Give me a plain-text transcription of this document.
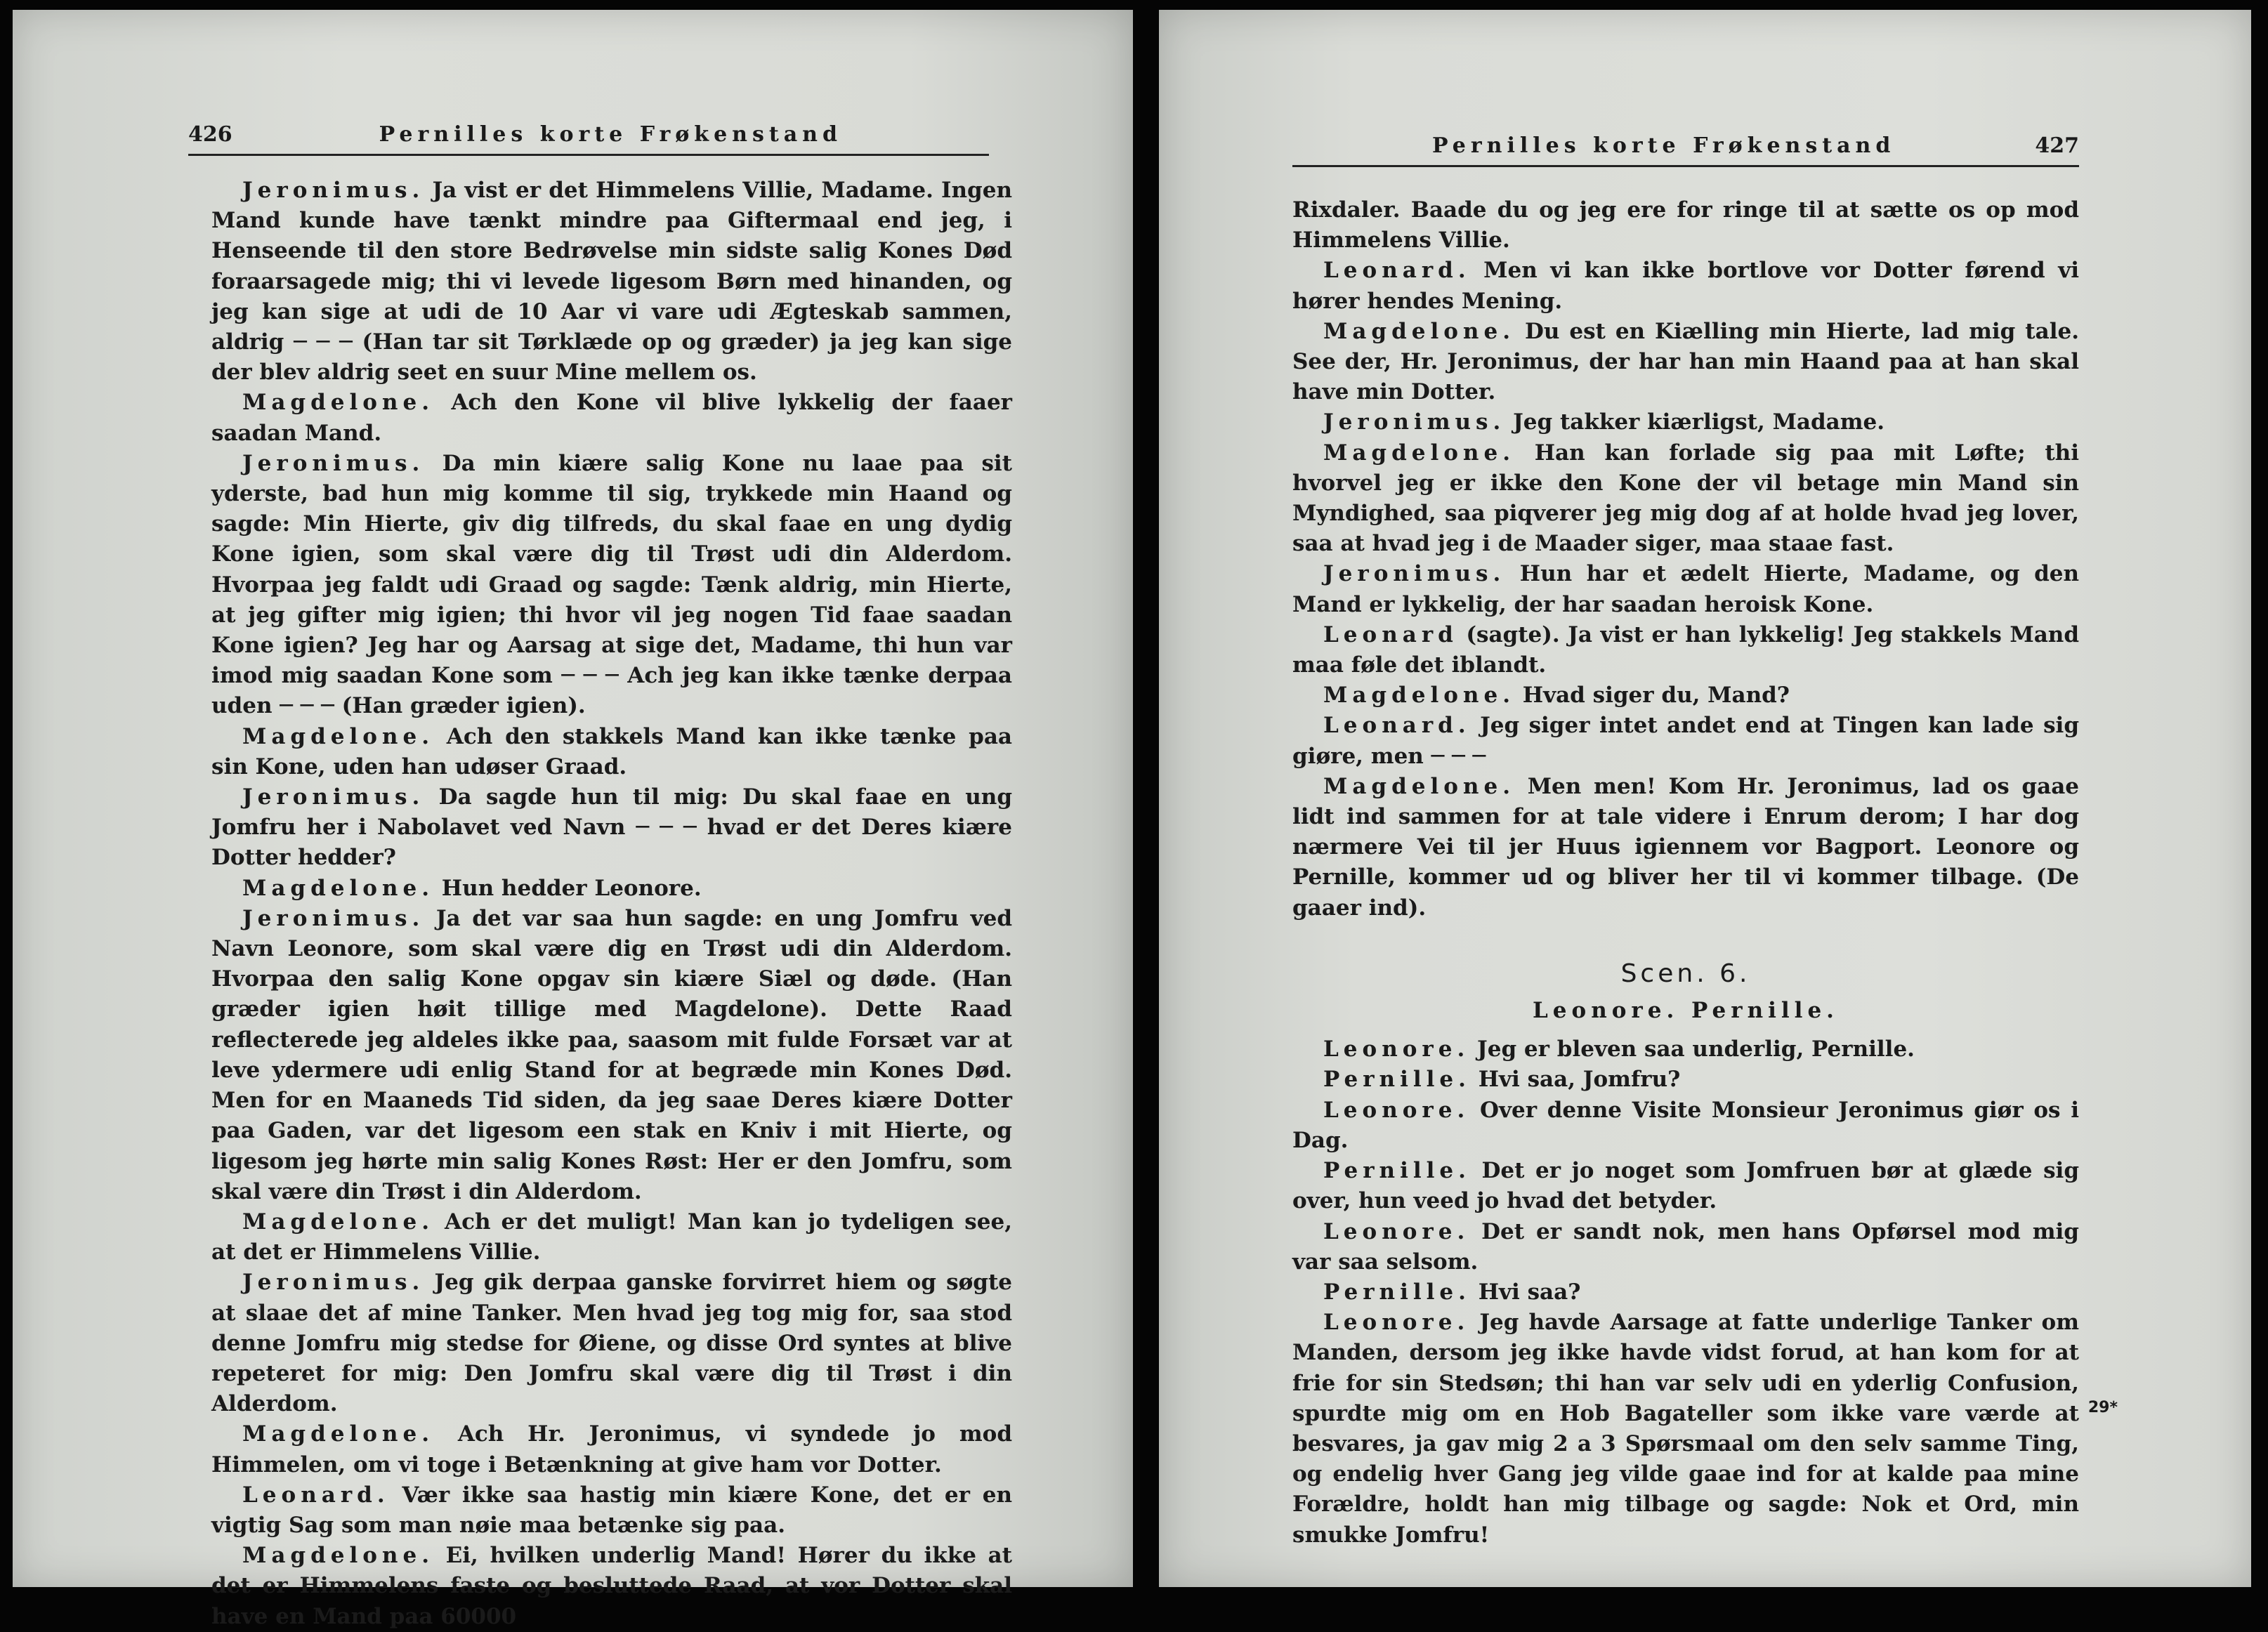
426	Pernilles korte Frøkenstand

Jeronimus. Ja vist er det Himmelens Villie, Madame. Ingen Mand kunde have tænkt mindre paa Giftermaal end jeg, i Henseende til den store Bedrøvelse min sidste salig Kones Død foraarsagede mig; thi vi levede ligesom Børn med hinanden, og jeg kan sige at udi de 10 Aar vi vare udi Ægteskab sammen, aldrig ─ ─ ─ (Han tar sit Tørklæde op og græder) ja jeg kan sige der blev aldrig seet en suur Mine mellem os.

Magdelone. Ach den Kone vil blive lykkelig der faaer saadan Mand.

Jeronimus. Da min kiære salig Kone nu laae paa sit yderste, bad hun mig komme til sig, trykkede min Haand og sagde: Min Hierte, giv dig tilfreds, du skal faae en ung dydig Kone igien, som skal være dig til Trøst udi din Alderdom. Hvorpaa jeg faldt udi Graad og sagde: Tænk aldrig, min Hierte, at jeg gifter mig igien; thi hvor vil jeg nogen Tid faae saadan Kone igien? Jeg har og Aarsag at sige det, Madame, thi hun var imod mig saadan Kone som ─ ─ ─ Ach jeg kan ikke tænke derpaa uden ─ ─ ─ (Han græder igien).

Magdelone. Ach den stakkels Mand kan ikke tænke paa sin Kone, uden han udøser Graad.

Jeronimus. Da sagde hun til mig: Du skal faae en ung Jomfru her i Nabolavet ved Navn ─ ─ ─ hvad er det Deres kiære Dotter hedder?

Magdelone. Hun hedder Leonore.

Jeronimus. Ja det var saa hun sagde: en ung Jomfru ved Navn Leonore, som skal være dig en Trøst udi din Alderdom. Hvorpaa den salig Kone opgav sin kiære Siæl og døde. (Han græder igien høit tillige med Magdelone). Dette Raad reflecterede jeg aldeles ikke paa, saasom mit fulde Forsæt var at leve ydermere udi enlig Stand for at begræde min Kones Død. Men for en Maaneds Tid siden, da jeg saae Deres kiære Dotter paa Gaden, var det ligesom een stak en Kniv i mit Hierte, og ligesom jeg hørte min salig Kones Røst: Her er den Jomfru, som skal være din Trøst i din Alderdom.

Magdelone. Ach er det muligt! Man kan jo tydeligen see, at det er Himmelens Villie.

Jeronimus. Jeg gik derpaa ganske forvirret hiem og søgte at slaae det af mine Tanker. Men hvad jeg tog mig for, saa stod denne Jomfru mig stedse for Øiene, og disse Ord syntes at blive repeteret for mig: Den Jomfru skal være dig til Trøst i din Alderdom.

Magdelone. Ach Hr. Jeronimus, vi syndede jo mod Himmelen, om vi toge i Betænkning at give ham vor Dotter.

Leonard. Vær ikke saa hastig min kiære Kone, det er en vigtig Sag som man nøie maa betænke sig paa.

Magdelone. Ei, hvilken underlig Mand! Hører du ikke at det er Himmelens faste og besluttede Raad, at vor Dotter skal have en Mand paa 60000

Pernilles korte Frøkenstand	427

Rixdaler. Baade du og jeg ere for ringe til at sætte os op mod Himmelens Villie.

Leonard. Men vi kan ikke bortlove vor Dotter førend vi hører hendes Mening.

Magdelone. Du est en Kiælling min Hierte, lad mig tale. See der, Hr. Jeronimus, der har han min Haand paa at han skal have min Dotter.

Jeronimus. Jeg takker kiærligst, Madame.

Magdelone. Han kan forlade sig paa mit Løfte; thi hvorvel jeg er ikke den Kone der vil betage min Mand sin Myndighed, saa piqverer jeg mig dog af at holde hvad jeg lover, saa at hvad jeg i de Maader siger, maa staae fast.

Jeronimus. Hun har et ædelt Hierte, Madame, og den Mand er lykkelig, der har saadan heroisk Kone.

Leonard (sagte). Ja vist er han lykkelig! Jeg stakkels Mand maa føle det iblandt.

Magdelone. Hvad siger du, Mand?

Leonard. Jeg siger intet andet end at Tingen kan lade sig giøre, men ─ ─ ─

Magdelone. Men men! Kom Hr. Jeronimus, lad os gaae lidt ind sammen for at tale videre i Enrum derom; I har dog nærmere Vei til jer Huus igiennem vor Bagport. Leonore og Pernille, kommer ud og bliver her til vi kommer tilbage. (De gaaer ind).

Scen. 6.
Leonore. Pernille.

Leonore. Jeg er bleven saa underlig, Pernille.

Pernille. Hvi saa, Jomfru?

Leonore. Over denne Visite Monsieur Jeronimus giør os i Dag.

Pernille. Det er jo noget som Jomfruen bør at glæde sig over, hun veed jo hvad det betyder.

Leonore. Det er sandt nok, men hans Opførsel mod mig var saa selsom.

Pernille. Hvi saa?

Leonore. Jeg havde Aarsage at fatte underlige Tanker om Manden, dersom jeg ikke havde vidst forud, at han kom for at frie for sin Stedsøn; thi han var selv udi en yderlig Confusion, spurdte mig om en Hob Bagateller som ikke vare værde at besvares, ja gav mig 2 a 3 Spørsmaal om den selv samme Ting, og endelig hver Gang jeg vilde gaae ind for at kalde paa mine Forældre, holdt han mig tilbage og sagde: Nok et Ord, min smukke Jomfru!

29*
